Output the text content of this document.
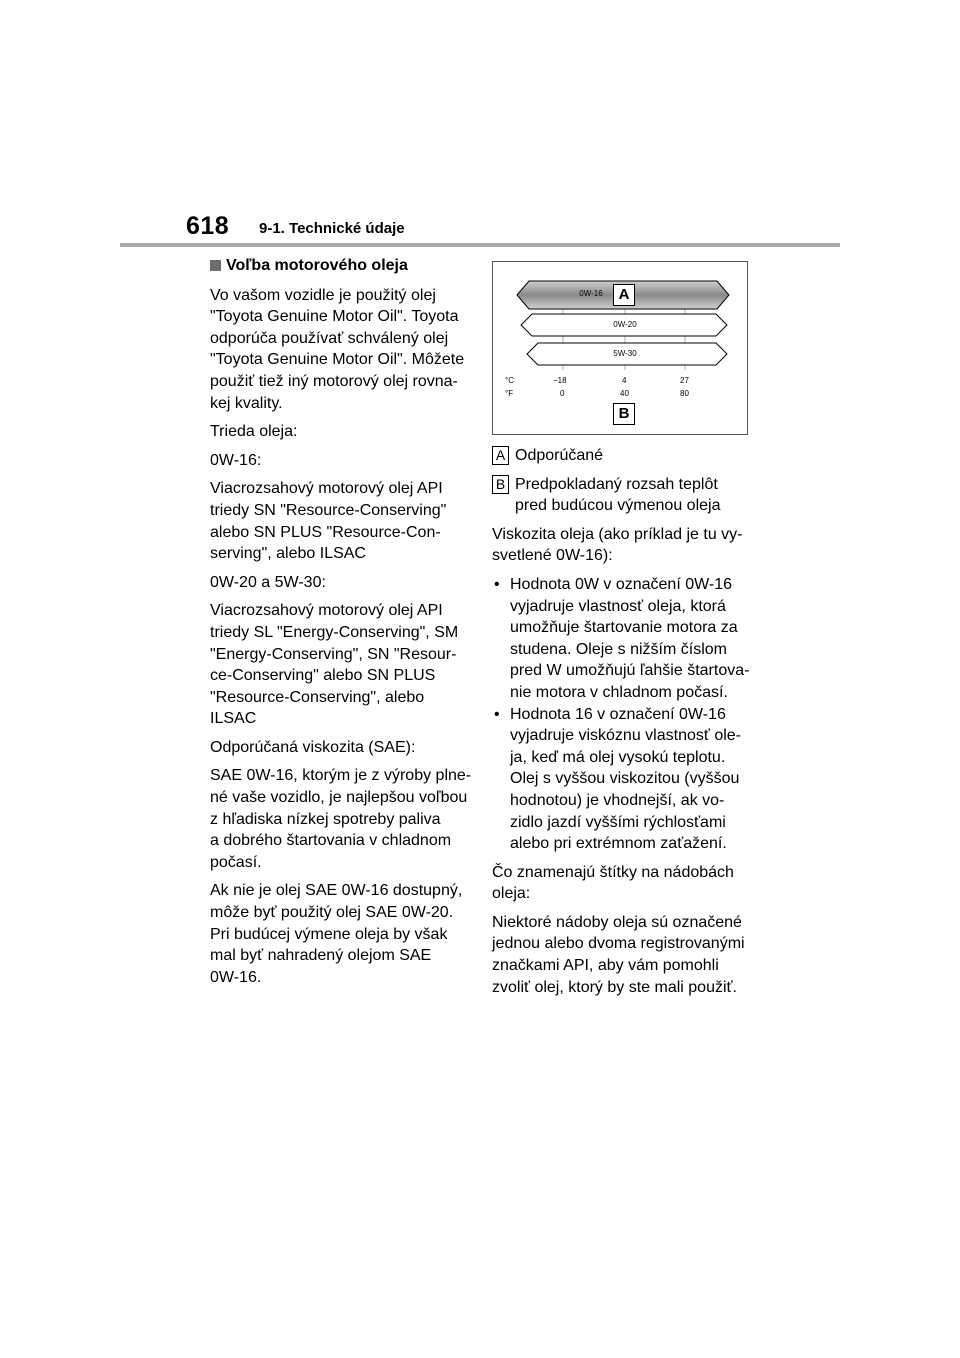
618 9-1. Technické údaje
Voľba motorového oleja

Vo vašom vozidle je použitý olej
"Toyota Genuine Motor Oil". Toyota
odporúča používať schválený olej
"Toyota Genuine Motor Oil". Môžete
použiť tiež iný motorový olej rovna-
kej kvality.

Trieda oleja:

0W-16:

Viacrozsahový motorový olej API
triedy SN "Resource-Conserving"
alebo SN PLUS "Resource-Con-
serving", alebo ILSAC

0W-20 a 5W-30:

Viacrozsahový motorový olej API
triedy SL "Energy-Conserving", SM
"Energy-Conserving", SN "Resour-
ce-Conserving" alebo SN PLUS
"Resource-Conserving", alebo
ILSAC

Odporúčaná viskozita (SAE):

SAE 0W-16, ktorým je z výroby plne-
né vaše vozidlo, je najlepšou voľbou
z hľadiska nízkej spotreby paliva
a dobrého štartovania v chladnom
počasí.

Ak nie je olej SAE 0W-16 dostupný,
môže byť použitý olej SAE 0W-20.
Pri budúcej výmene oleja by však
mal byť nahradený olejom SAE
0W-16.

0W-16
0W-20
5W-30
A
°C
°F
−18	4	27
0	40	80
B
A Odporúčané
B Predpokladaný rozsah teplôt
pred budúcou výmenou oleja

Viskozita oleja (ako príklad je tu vy-
svetlené 0W-16):

• Hodnota 0W v označení 0W-16
vyjadruje vlastnosť oleja, ktorá
umožňuje štartovanie motora za
studena. Oleje s nižším číslom
pred W umožňujú ľahšie štartova-
nie motora v chladnom počasí.
• Hodnota 16 v označení 0W-16
vyjadruje viskóznu vlastnosť ole-
ja, keď má olej vysokú teplotu.
Olej s vyššou viskozitou (vyššou
hodnotou) je vhodnejší, ak vo-
zidlo jazdí vyššími rýchlosťami
alebo pri extrémnom zaťažení.

Čo znamenajú štítky na nádobách
oleja:

Niektoré nádoby oleja sú označené
jednou alebo dvoma registrovanými
značkami API, aby vám pomohli
zvoliť olej, ktorý by ste mali použiť.
